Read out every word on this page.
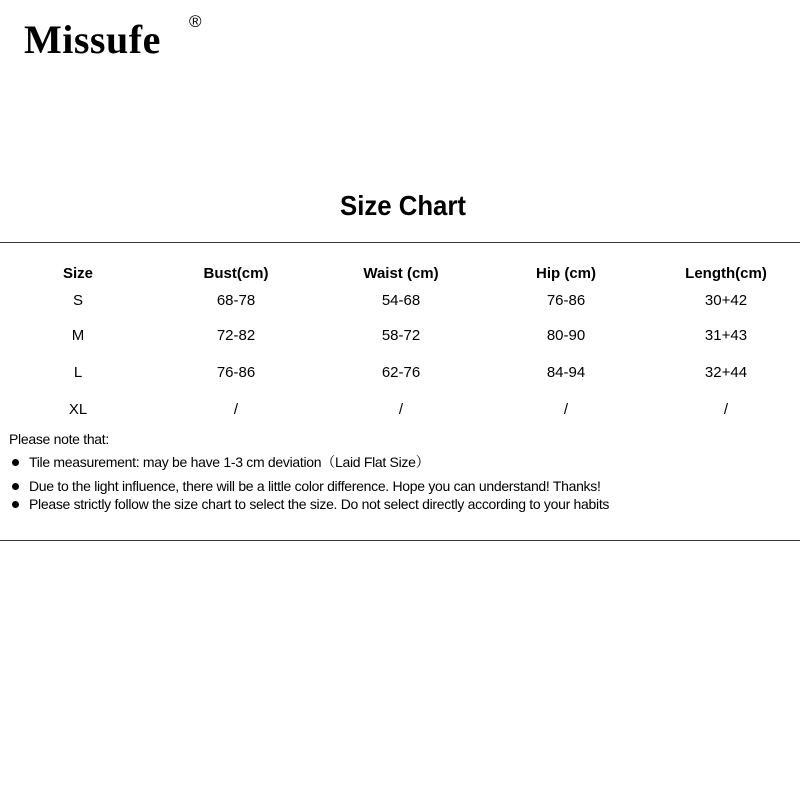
Missufe ®
Size Chart
Size	Bust(cm)	Waist (cm)	Hip (cm)	Length(cm)
S	68-78	54-68	76-86	30+42
M	72-82	58-72	80-90	31+43
L	76-86	62-76	84-94	32+44
XL	/	/	/	/

Please note that:

Tile measurement: may be have 1-3 cm deviation（Laid Flat Size）
Due to the light influence, there will be a little color difference. Hope you can understand! Thanks!
Please strictly follow the size chart to select the size. Do not select directly according to your habits
